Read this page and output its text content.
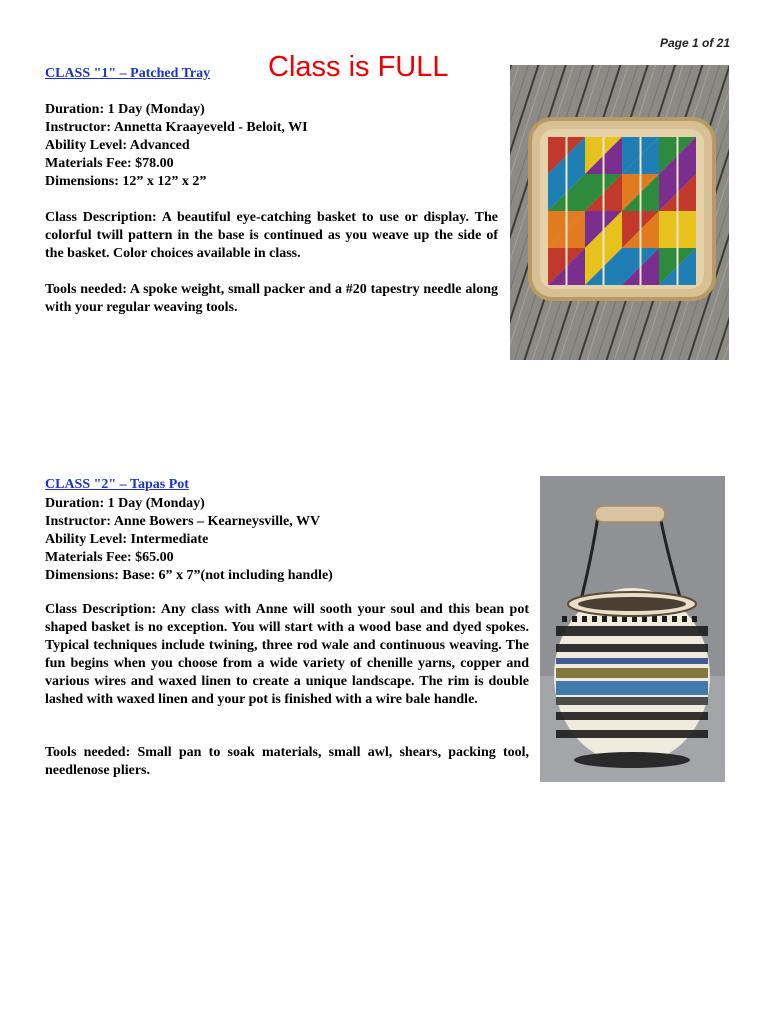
Page 1 of 21
CLASS "1" – Patched Tray Class is FULL
Duration: 1 Day (Monday)
Instructor: Annetta Kraayeveld - Beloit, WI
Ability Level: Advanced
Materials Fee: $78.00
Dimensions: 12” x 12” x 2”

Class Description: A beautiful eye-catching basket to use or display. The colorful twill pattern in the base is continued as you weave up the side of the basket. Color choices available in class.

Tools needed: A spoke weight, small packer and a #20 tapestry needle along with your regular weaving tools.

CLASS "2" – Tapas Pot
Duration: 1 Day (Monday)
Instructor: Anne Bowers – Kearneysville, WV
Ability Level: Intermediate
Materials Fee: $65.00
Dimensions: Base: 6” x 7”(not including handle)

Class Description: Any class with Anne will sooth your soul and this bean pot shaped basket is no exception. You will start with a wood base and dyed spokes. Typical techniques include twining, three rod wale and continuous weaving. The fun begins when you choose from a wide variety of chenille yarns, copper and various wires and waxed linen to create a unique landscape. The rim is double lashed with waxed linen and your pot is finished with a wire bale handle.

Tools needed: Small pan to soak materials, small awl, shears, packing tool, needlenose pliers.
